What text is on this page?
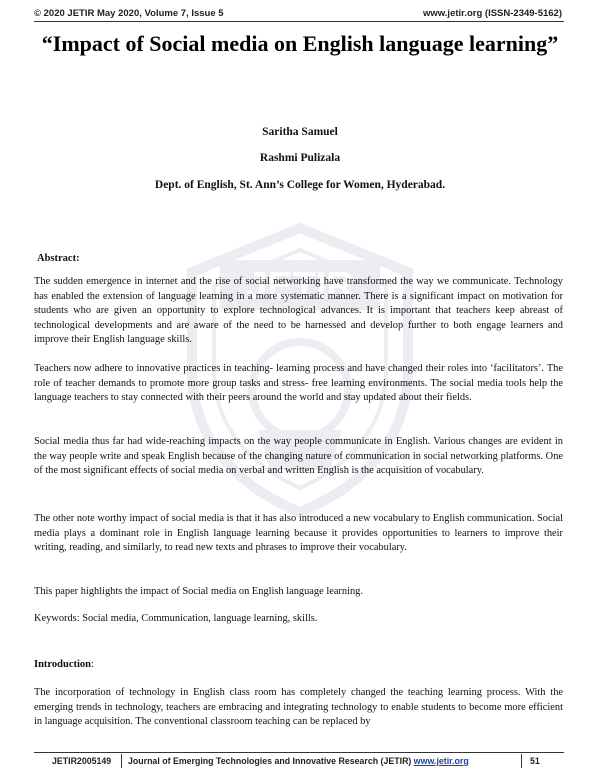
© 2020 JETIR May 2020, Volume 7, Issue 5	www.jetir.org (ISSN-2349-5162)
JETIR
“Impact of Social media on English language learning”
Saritha Samuel
Rashmi Pulizala
Dept. of English, St. Ann’s College for Women, Hyderabad.
Abstract:

The sudden emergence in internet and the rise of social networking have transformed the way we communicate. Technology has enabled the extension of language learning in a more systematic manner. There is a significant impact on motivation for students who are given an opportunity to explore technological advances. It is important that teachers keep abreast of technological developments and are aware of the need to be harnessed and develop further to both engage learners and improve their English language skills.

Teachers now adhere to innovative practices in teaching- learning process and have changed their roles into ‘facilitators’. The role of teacher demands to promote more group tasks and stress- free learning environments. The social media tools help the language teachers to stay connected with their peers around the world and stay updated about their fields.

Social media thus far had wide-reaching impacts on the way people communicate in English. Various changes are evident in the way people write and speak English because of the changing nature of communication in social networking platforms. One of the most significant effects of social media on verbal and written English is the acquisition of vocabulary.

The other note worthy impact of social media is that it has also introduced a new vocabulary to English communication. Social media plays a dominant role in English language learning because it provides opportunities to learners to improve their writing, reading, and similarly, to read new texts and phrases to improve their vocabulary.

This paper highlights the impact of Social media on English language learning.

Keywords: Social media, Communication, language learning, skills.

Introduction:

The incorporation of technology in English class room has completely changed the teaching learning process. With the emerging trends in technology, teachers are embracing and integrating technology to enable students to become more efficient in language acquisition. The conventional classroom teaching can be replaced by

JETIR2005149 Journal of Emerging Technologies and Innovative Research (JETIR) www.jetir.org	51
